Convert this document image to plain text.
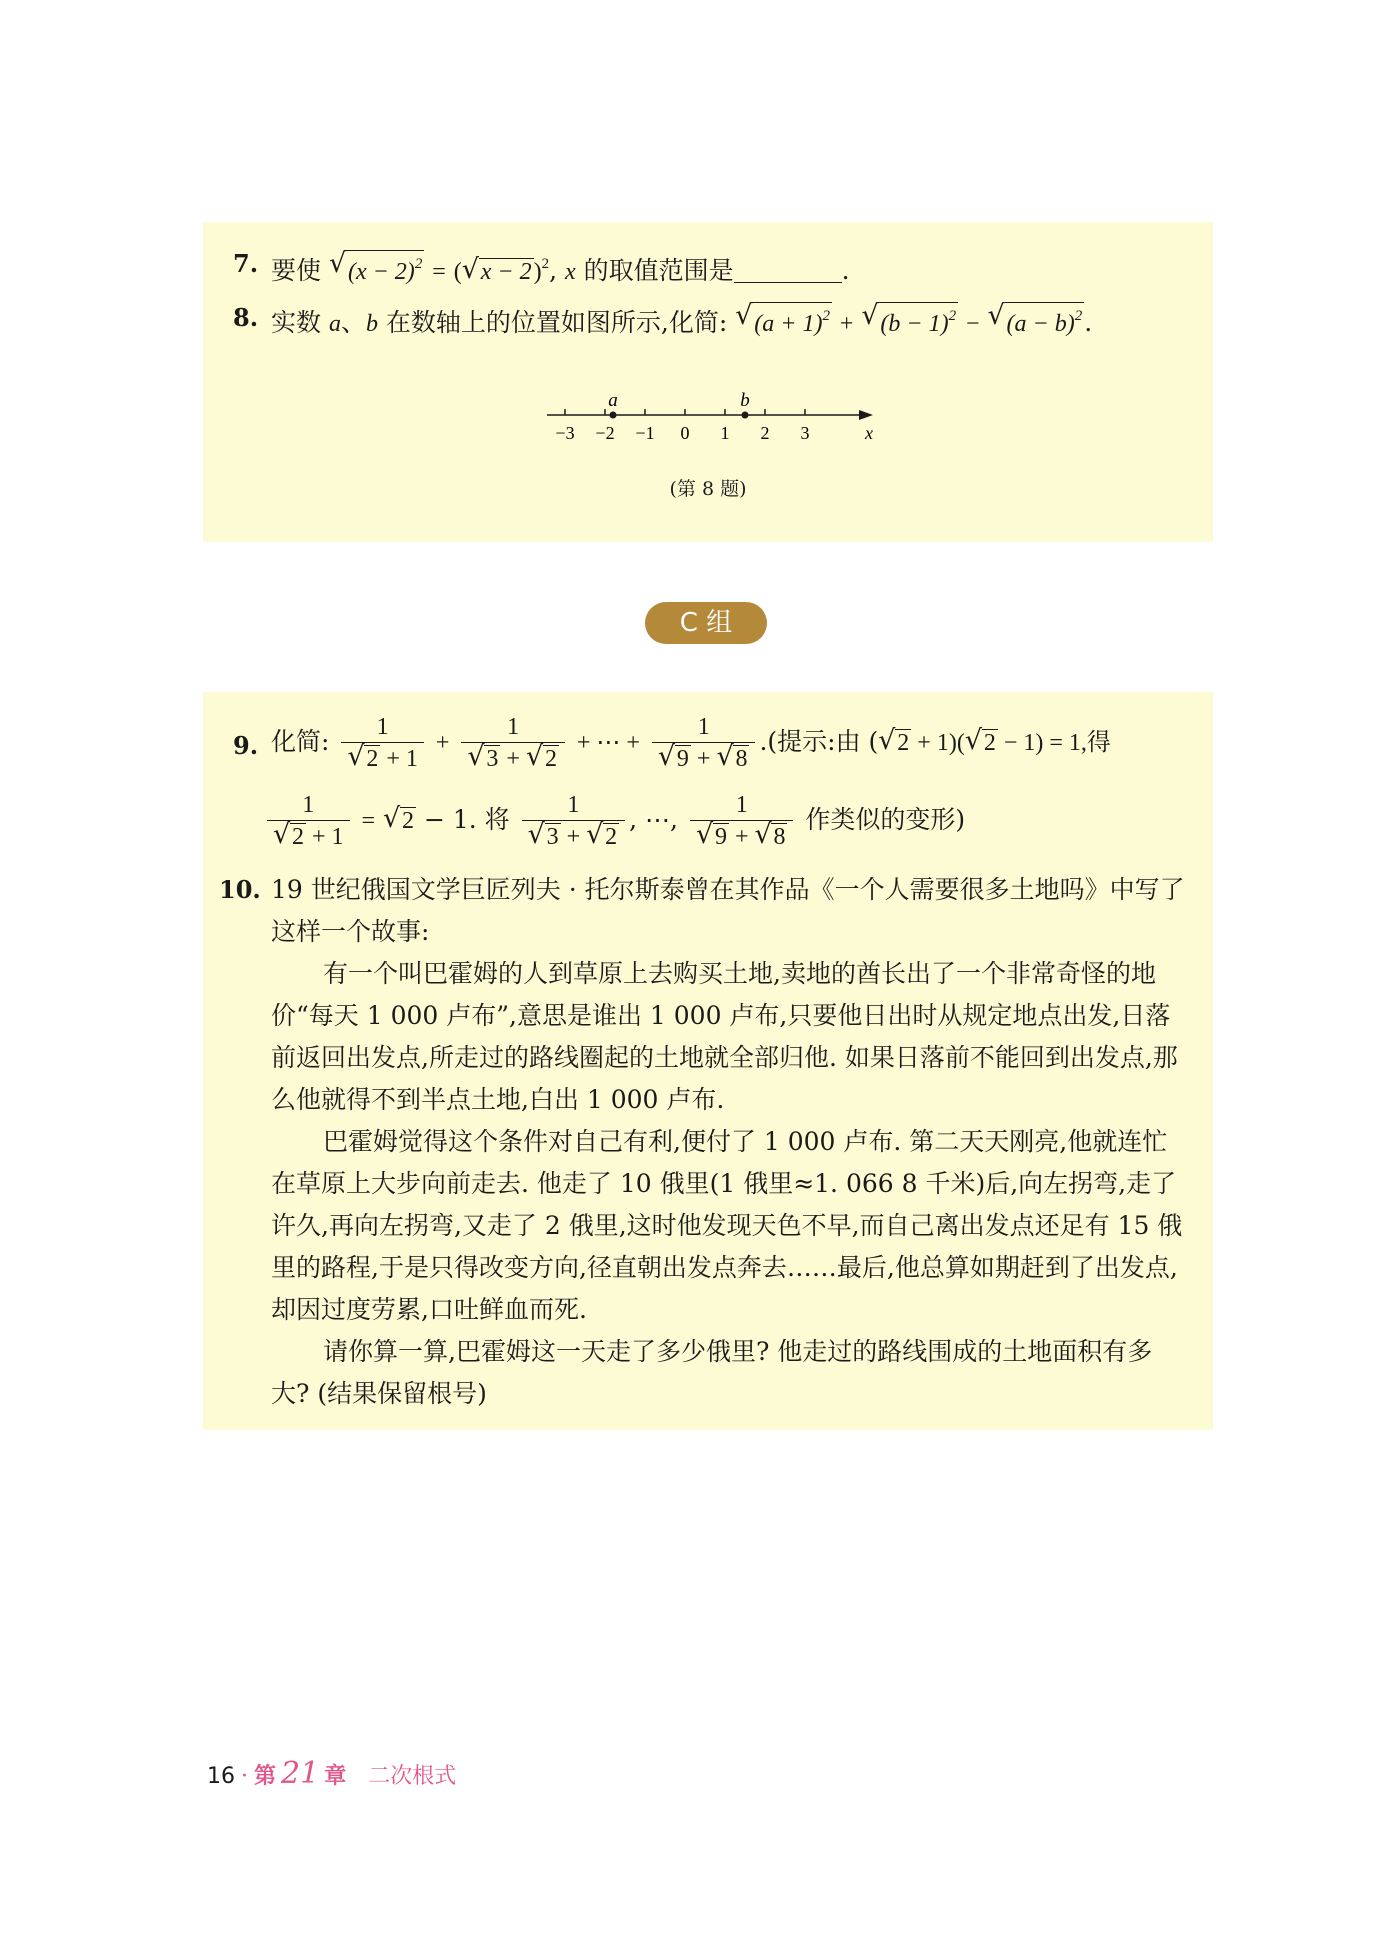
7. 要使 √ $(x - 2)^2$ = ( √ x − 2)$^2$, x 的取值范围是	.
8. 实数 a、b 在数轴上的位置如图所示,化简: √ $(a + 1)^2$ + √ $(b - 1)^2$ − √ $(a - b)^2$.
−3 −2 −1 0 1 2 3
a	b
x
(第 8 题)
C 组
9. 化简: 1
√ 2 + 1 + 1
√ 3 + √ 2 + ⋯ + 1
√ 9 + √ 8 .(提示:由 ( √ 2 + 1)( √ 2 − 1) = 1,得
1
√ 2 + 1 = √ 2 − 1. 将 1
√ 3 + √ 2 , ⋯, 1
√ 9 + √ 8 作类似的变形)
10. 19 世纪俄国文学巨匠列夫 · 托尔斯泰曾在其作品《一个人需要很多土地吗》中写了这样一个故事:
有一个叫巴霍姆的人到草原上去购买土地,卖地的酋长出了一个非常奇怪的地价“每天 1 000 卢布”,意思是谁出 1 000 卢布,只要他日出时从规定地点出发,日落前返回出发点,所走过的路线圈起的土地就全部归他. 如果日落前不能回到出发点,那么他就得不到半点土地,白出 1 000 卢布.
巴霍姆觉得这个条件对自己有利,便付了 1 000 卢布. 第二天天刚亮,他就连忙在草原上大步向前走去. 他走了 10 俄里(1 俄里≈1. 066 8 千米)后,向左拐弯,走了许久,再向左拐弯,又走了 2 俄里,这时他发现天色不早,而自己离出发点还足有 15 俄里的路程,于是只得改变方向,径直朝出发点奔去……最后,他总算如期赶到了出发点,却因过度劳累,口吐鲜血而死.
请你算一算,巴霍姆这一天走了多少俄里? 他走过的路线围成的土地面积有多大? (结果保留根号)
16 · 第 21 章 二次根式
